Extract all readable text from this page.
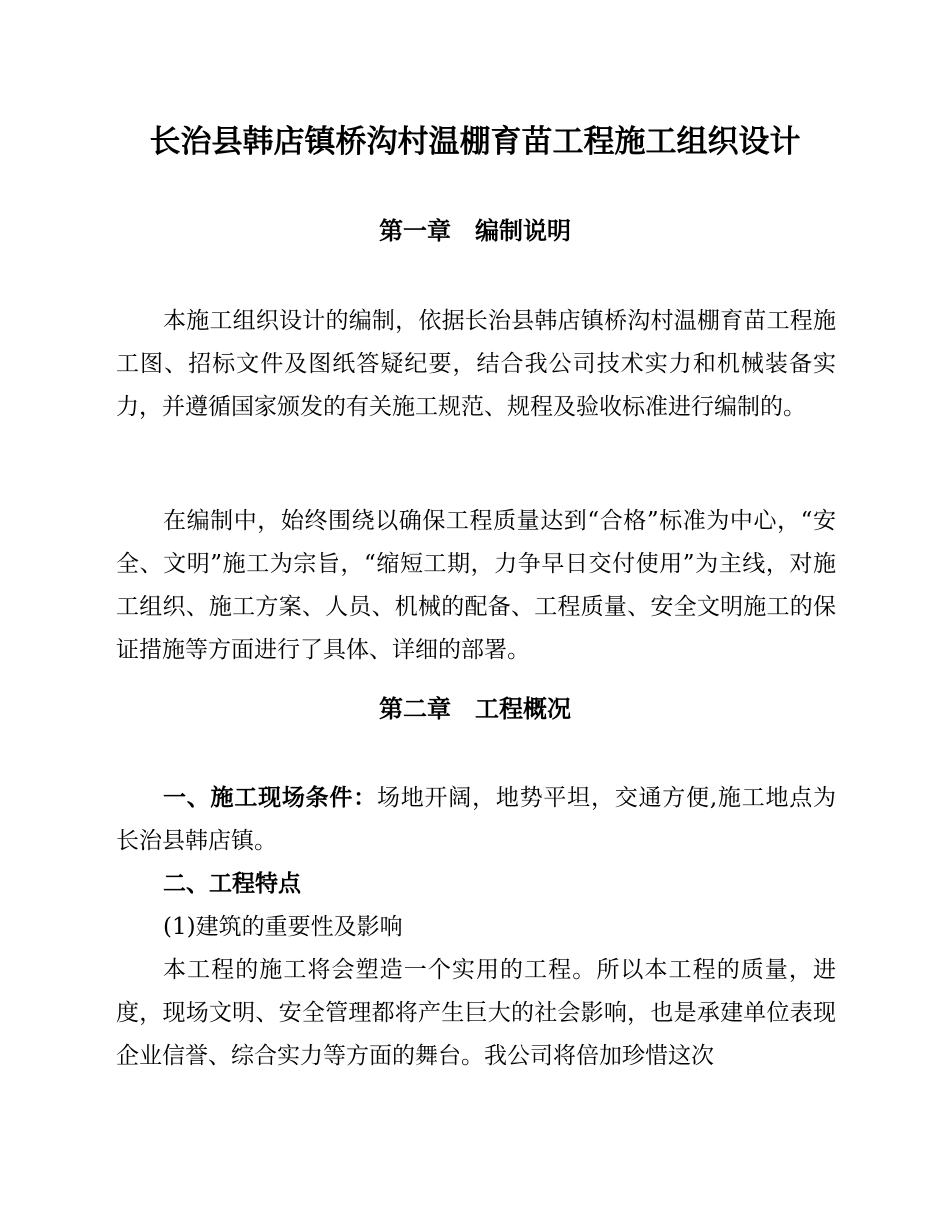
长治县韩店镇桥沟村温棚育苗工程施工组织设计
第一章　编制说明

本施工组织设计的编制，依据长治县韩店镇桥沟村温棚育苗工程施工图、招标文件及图纸答疑纪要，结合我公司技术实力和机械装备实力，并遵循国家颁发的有关施工规范、规程及验收标准进行编制的。

在编制中，始终围绕以确保工程质量达到“合格”标准为中心，“安全、文明”施工为宗旨，“缩短工期，力争早日交付使用”为主线，对施工组织、施工方案、人员、机械的配备、工程质量、安全文明施工的保证措施等方面进行了具体、详细的部署。

第二章　工程概况

一、施工现场条件：场地开阔，地势平坦，交通方便,施工地点为长治县韩店镇。

二、工程特点
(1)建筑的重要性及影响

本工程的施工将会塑造一个实用的工程。所以本工程的质量，进度，现场文明、安全管理都将产生巨大的社会影响，也是承建单位表现企业信誉、综合实力等方面的舞台。我公司将倍加珍惜这次
